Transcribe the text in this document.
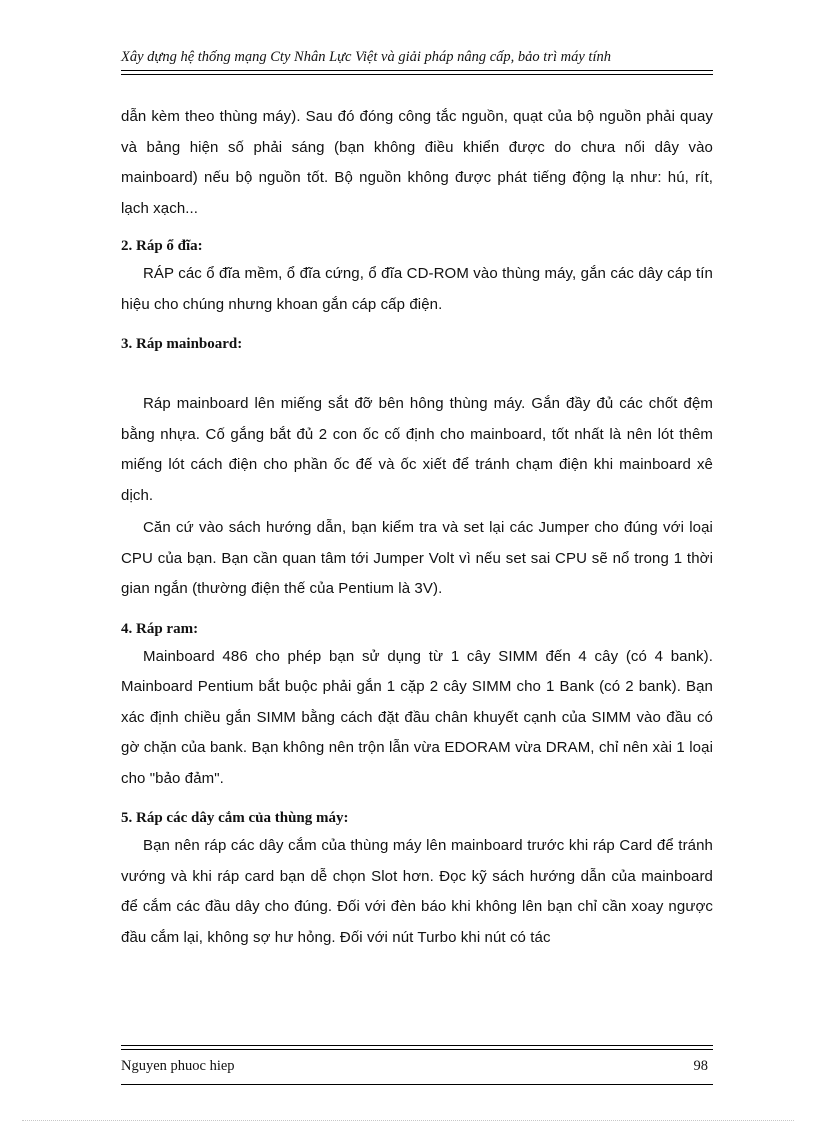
Xây dựng hệ thống mạng Cty Nhân Lực Việt và giải pháp nâng cấp, bảo trì máy tính

dẫn kèm theo thùng máy). Sau đó đóng công tắc nguồn, quạt của bộ nguồn phải quay và bảng hiện số phải sáng (bạn không điều khiển được do chưa nối dây vào mainboard) nếu bộ nguồn tốt. Bộ nguồn không được phát tiếng động lạ như: hú, rít, lạch xạch...

2. Ráp ổ đĩa:

RÁP các ổ đĩa mềm, ổ đĩa cứng, ổ đĩa CD-ROM vào thùng máy, gắn các dây cáp tín hiệu cho chúng nhưng khoan gắn cáp cấp điện.

3. Ráp mainboard:

Ráp mainboard lên miếng sắt đỡ bên hông thùng máy. Gắn đầy đủ các chốt đệm bằng nhựa. Cố gắng bắt đủ 2 con ốc cố định cho mainboard, tốt nhất là nên lót thêm miếng lót cách điện cho phần ốc đế và ốc xiết để tránh chạm điện khi mainboard xê dịch.

Căn cứ vào sách hướng dẫn, bạn kiểm tra và set lại các Jumper cho đúng với loại CPU của bạn. Bạn cần quan tâm tới Jumper Volt vì nếu set sai CPU sẽ nổ trong 1 thời gian ngắn (thường điện thế của Pentium là 3V).

4. Ráp ram:

Mainboard 486 cho phép bạn sử dụng từ 1 cây SIMM đến 4 cây (có 4 bank). Mainboard Pentium bắt buộc phải gắn 1 cặp 2 cây SIMM cho 1 Bank (có 2 bank). Bạn xác định chiều gắn SIMM bằng cách đặt đầu chân khuyết cạnh của SIMM vào đầu có gờ chặn của bank. Bạn không nên trộn lẫn vừa EDORAM vừa DRAM, chỉ nên xài 1 loại cho "bảo đảm".

5. Ráp các dây cắm của thùng máy:

Bạn nên ráp các dây cắm của thùng máy lên mainboard trước khi ráp Card để tránh vướng và khi ráp card bạn dễ chọn Slot hơn. Đọc kỹ sách hướng dẫn của mainboard để cắm các đầu dây cho đúng. Đối với đèn báo khi không lên bạn chỉ cần xoay ngược đầu cắm lại, không sợ hư hỏng. Đối với nút Turbo khi nút có tác

Nguyen phuoc hiep	98
